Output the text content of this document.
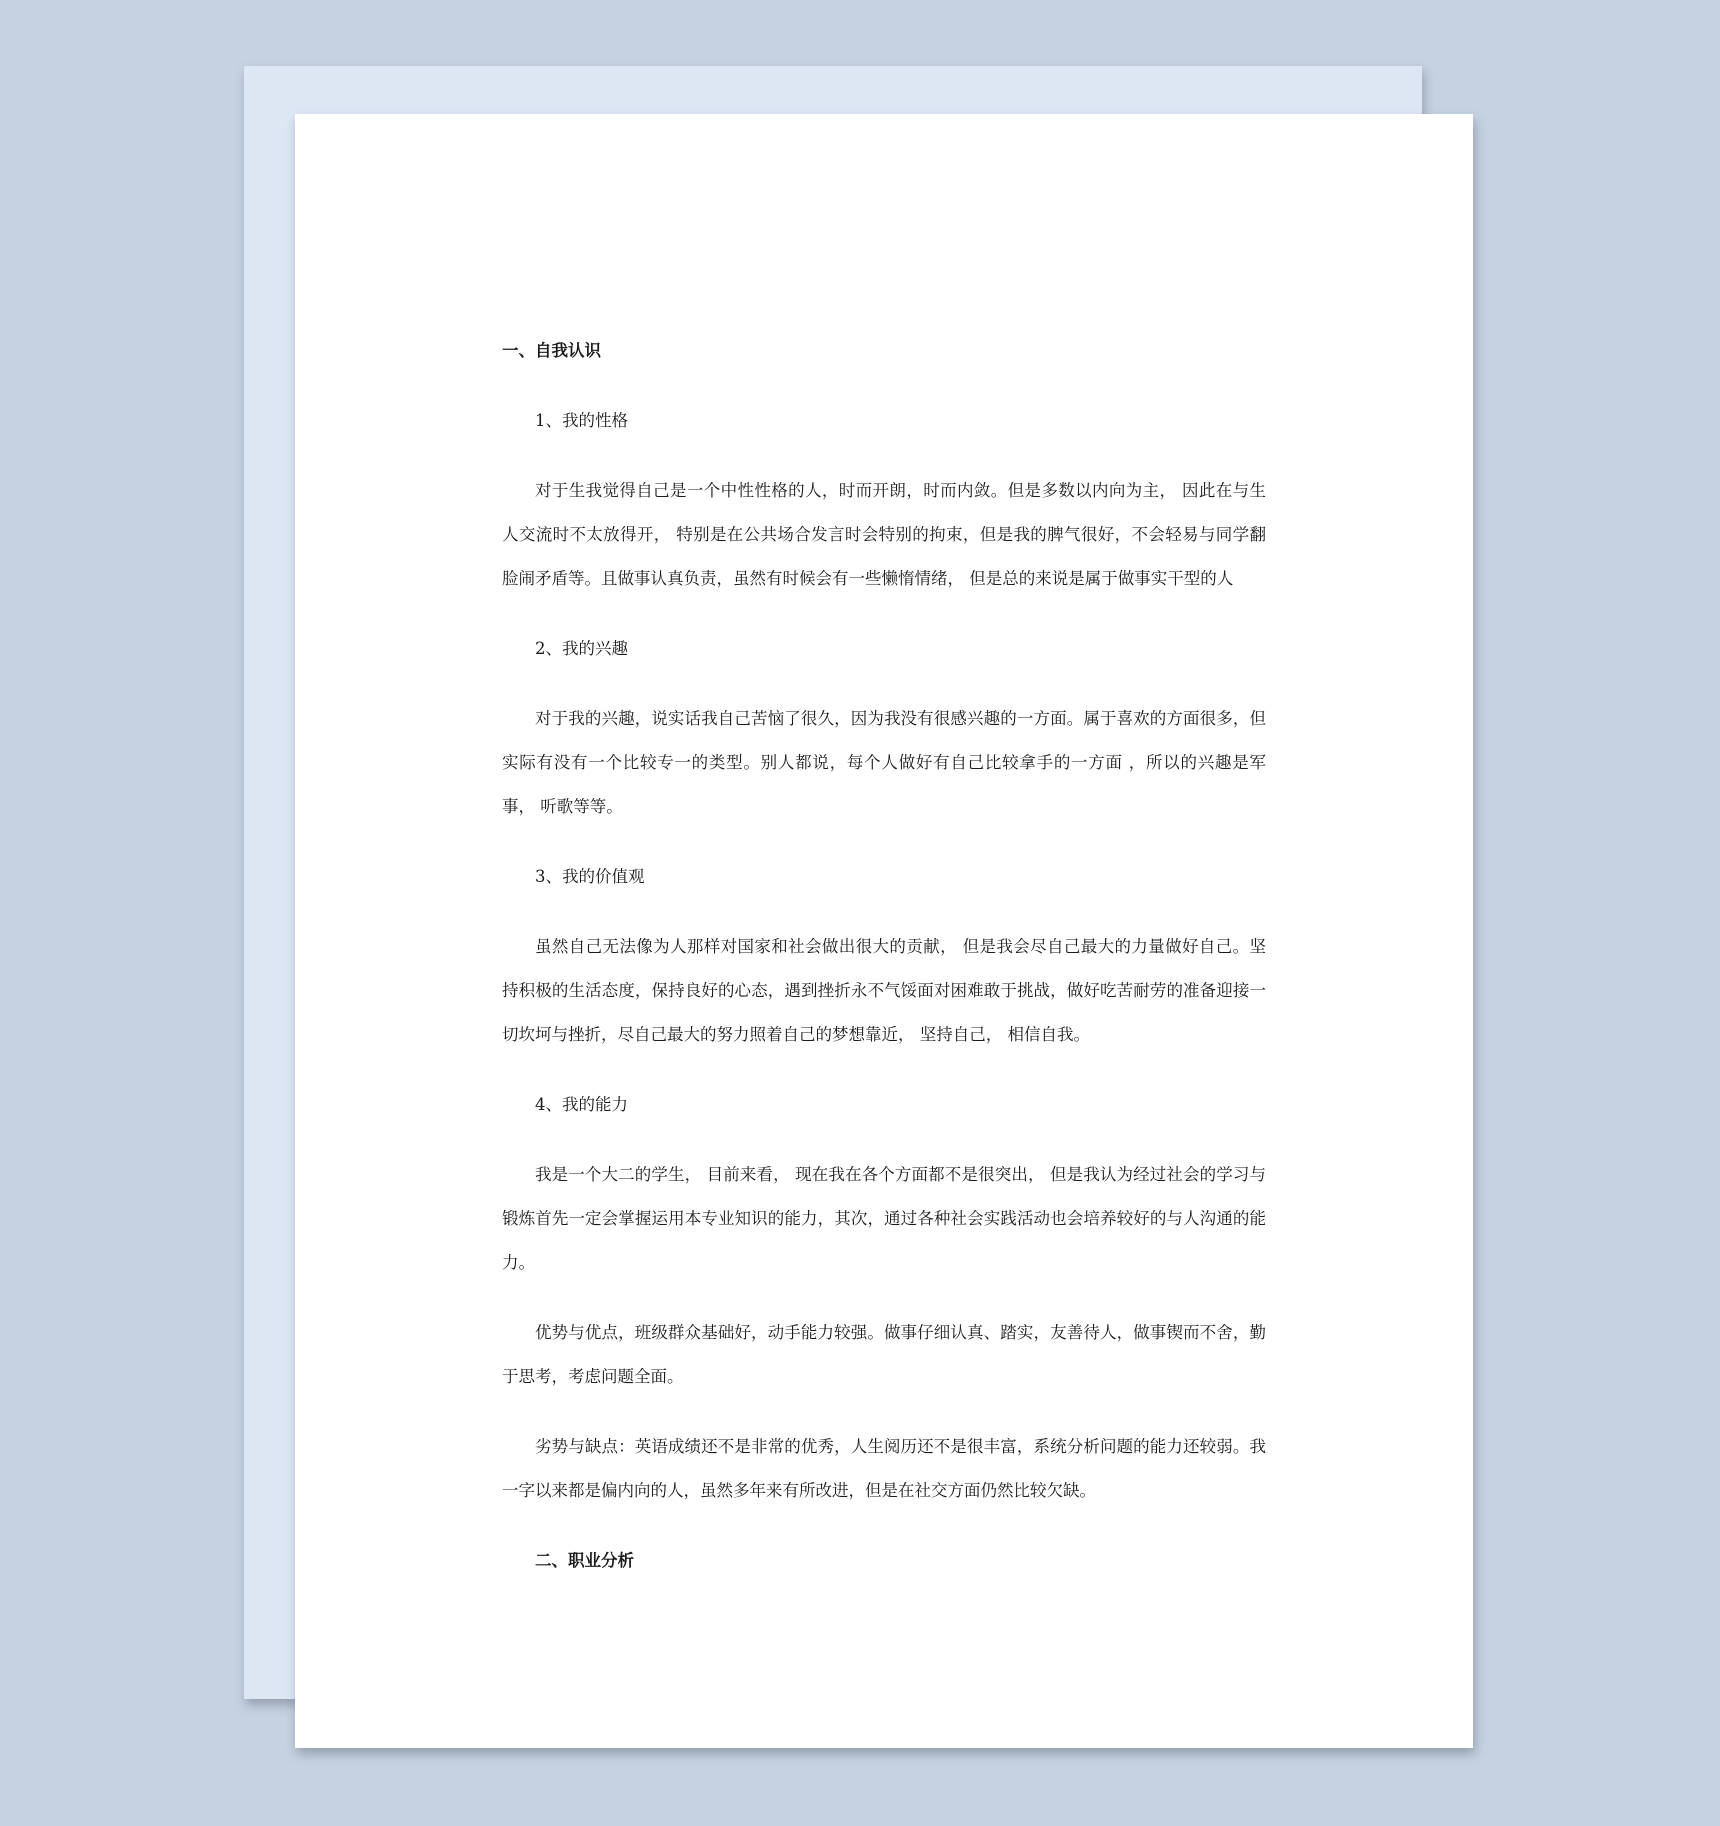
一、自我认识
1、我的性格
对于生我觉得自己是一个中性性格的人，时而开朗，时而内敛。但是多数以内向为主， 因此在与生人交流时不太放得开， 特别是在公共场合发言时会特别的拘束，但是我的脾气很好，不会轻易与同学翻脸闹矛盾等。且做事认真负责，虽然有时候会有一些懒惰情绪， 但是总的来说是属于做事实干型的人
2、我的兴趣
对于我的兴趣，说实话我自己苦恼了很久，因为我没有很感兴趣的一方面。属于喜欢的方面很多，但实际有没有一个比较专一的类型。别人都说，每个人做好有自己比较拿手的一方面 ，所以的兴趣是军事， 听歌等等。
3、我的价值观
虽然自己无法像为人那样对国家和社会做出很大的贡献， 但是我会尽自己最大的力量做好自己。坚持积极的生活态度，保持良好的心态，遇到挫折永不气馁面对困难敢于挑战，做好吃苦耐劳的准备迎接一切坎坷与挫折，尽自己最大的努力照着自己的梦想靠近， 坚持自己， 相信自我。
4、我的能力
我是一个大二的学生， 目前来看， 现在我在各个方面都不是很突出， 但是我认为经过社会的学习与锻炼首先一定会掌握运用本专业知识的能力，其次，通过各种社会实践活动也会培养较好的与人沟通的能力。
优势与优点，班级群众基础好，动手能力较强。做事仔细认真、踏实，友善待人，做事锲而不舍，勤于思考，考虑问题全面。
劣势与缺点：英语成绩还不是非常的优秀，人生阅历还不是很丰富，系统分析问题的能力还较弱。我一字以来都是偏内向的人，虽然多年来有所改进，但是在社交方面仍然比较欠缺。
二、职业分析
